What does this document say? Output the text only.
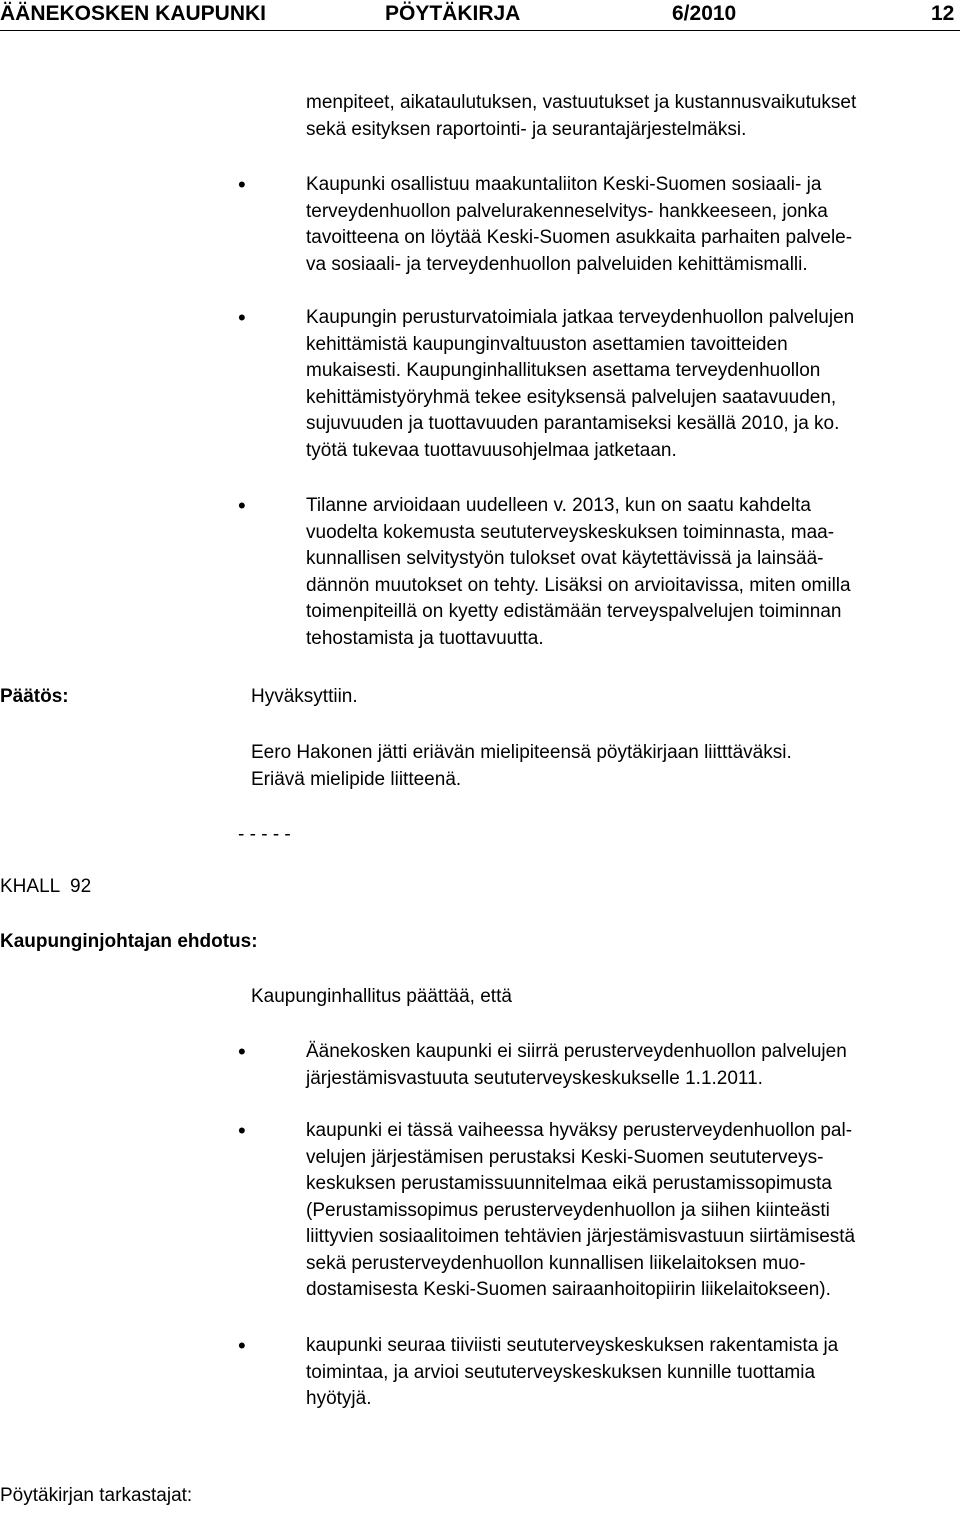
ÄÄNEKOSKEN KAUPUNKI	PÖYTÄKIRJA	6/2010	12

menpiteet, aikataulutuksen, vastuutukset ja kustannusvaikutukset

sekä esityksen raportointi- ja seurantajärjestelmäksi.

•	Kaupunki osallistuu maakuntaliiton Keski-Suomen sosiaali- ja

terveydenhuollon palvelurakenneselvitys- hankkeeseen, jonka

tavoitteena on löytää Keski-Suomen asukkaita parhaiten palvele-

va sosiaali- ja terveydenhuollon palveluiden kehittämismalli.

•	Kaupungin perusturvatoimiala jatkaa terveydenhuollon palvelujen

kehittämistä kaupunginvaltuuston asettamien tavoitteiden

mukaisesti. Kaupunginhallituksen asettama terveydenhuollon

kehittämistyöryhmä tekee esityksensä palvelujen saatavuuden,

sujuvuuden ja tuottavuuden parantamiseksi kesällä 2010, ja ko.

työtä tukevaa tuottavuusohjelmaa jatketaan.

•	Tilanne arvioidaan uudelleen v. 2013, kun on saatu kahdelta

vuodelta kokemusta seututerveyskeskuksen toiminnasta, maa-

kunnallisen selvitystyön tulokset ovat käytettävissä ja lainsää-

dännön muutokset on tehty. Lisäksi on arvioitavissa, miten omilla

toimenpiteillä on kyetty edistämään terveyspalvelujen toiminnan

tehostamista ja tuottavuutta.

Päätös:	Hyväksyttiin.

Eero Hakonen jätti eriävän mielipiteensä pöytäkirjaan liitttäväksi.

Eriävä mielipide liitteenä.

- - - - -
KHALL  92
Kaupunginjohtajan ehdotus:
Kaupunginhallitus päättää, että
•	Äänekosken kaupunki ei siirrä perusterveydenhuollon palvelujen

järjestämisvastuuta seututerveyskeskukselle 1.1.2011.

•	kaupunki ei tässä vaiheessa hyväksy perusterveydenhuollon pal-

velujen järjestämisen perustaksi Keski-Suomen seututerveys-

keskuksen perustamissuunnitelmaa eikä perustamissopimusta

(Perustamissopimus perusterveydenhuollon ja siihen kiinteästi

liittyvien sosiaalitoimen tehtävien järjestämisvastuun siirtämisestä

sekä perusterveydenhuollon kunnallisen liikelaitoksen muo-

dostamisesta Keski-Suomen sairaanhoitopiirin liikelaitokseen).

•	kaupunki seuraa tiiviisti seututerveyskeskuksen rakentamista ja

toimintaa, ja arvioi seututerveyskeskuksen kunnille tuottamia

hyötyjä.

Pöytäkirjan tarkastajat:
